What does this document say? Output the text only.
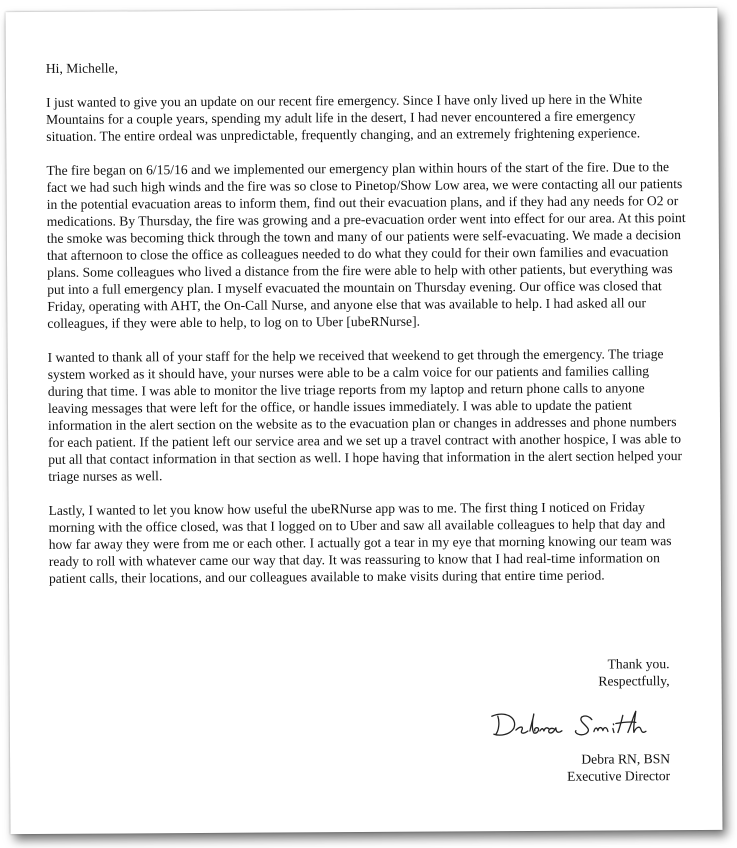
Hi, Michelle,

I just wanted to give you an update on our recent fire emergency. Since I have only lived up here in the White Mountains for a couple years, spending my adult life in the desert, I had never encountered a fire emergency situation. The entire ordeal was unpredictable, frequently changing, and an extremely frightening experience.

The fire began on 6/15/16 and we implemented our emergency plan within hours of the start of the fire. Due to the fact we had such high winds and the fire was so close to Pinetop/Show Low area, we were contacting all our patients in the potential evacuation areas to inform them, find out their evacuation plans, and if they had any needs for O2 or medications. By Thursday, the fire was growing and a pre-evacuation order went into effect for our area. At this point the smoke was becoming thick through the town and many of our patients were self-evacuating. We made a decision that afternoon to close the office as colleagues needed to do what they could for their own families and evacuation plans. Some colleagues who lived a distance from the fire were able to help with other patients, but everything was put into a full emergency plan. I myself evacuated the mountain on Thursday evening. Our office was closed that Friday, operating with AHT, the On-Call Nurse, and anyone else that was available to help. I had asked all our colleagues, if they were able to help, to log on to Uber [ubeRNurse].

I wanted to thank all of your staff for the help we received that weekend to get through the emergency. The triage system worked as it should have, your nurses were able to be a calm voice for our patients and families calling during that time. I was able to monitor the live triage reports from my laptop and return phone calls to anyone leaving messages that were left for the office, or handle issues immediately. I was able to update the patient information in the alert section on the website as to the evacuation plan or changes in addresses and phone numbers for each patient. If the patient left our service area and we set up a travel contract with another hospice, I was able to put all that contact information in that section as well. I hope having that information in the alert section helped your triage nurses as well.

Lastly, I wanted to let you know how useful the ubeRNurse app was to me. The first thing I noticed on Friday morning with the office closed, was that I logged on to Uber and saw all available colleagues to help that day and how far away they were from me or each other. I actually got a tear in my eye that morning knowing our team was ready to roll with whatever came our way that day. It was reassuring to know that I had real-time information on patient calls, their locations, and our colleagues available to make visits during that entire time period.

Thank you.
Respectfully,
Debra RN, BSN
Executive Director
